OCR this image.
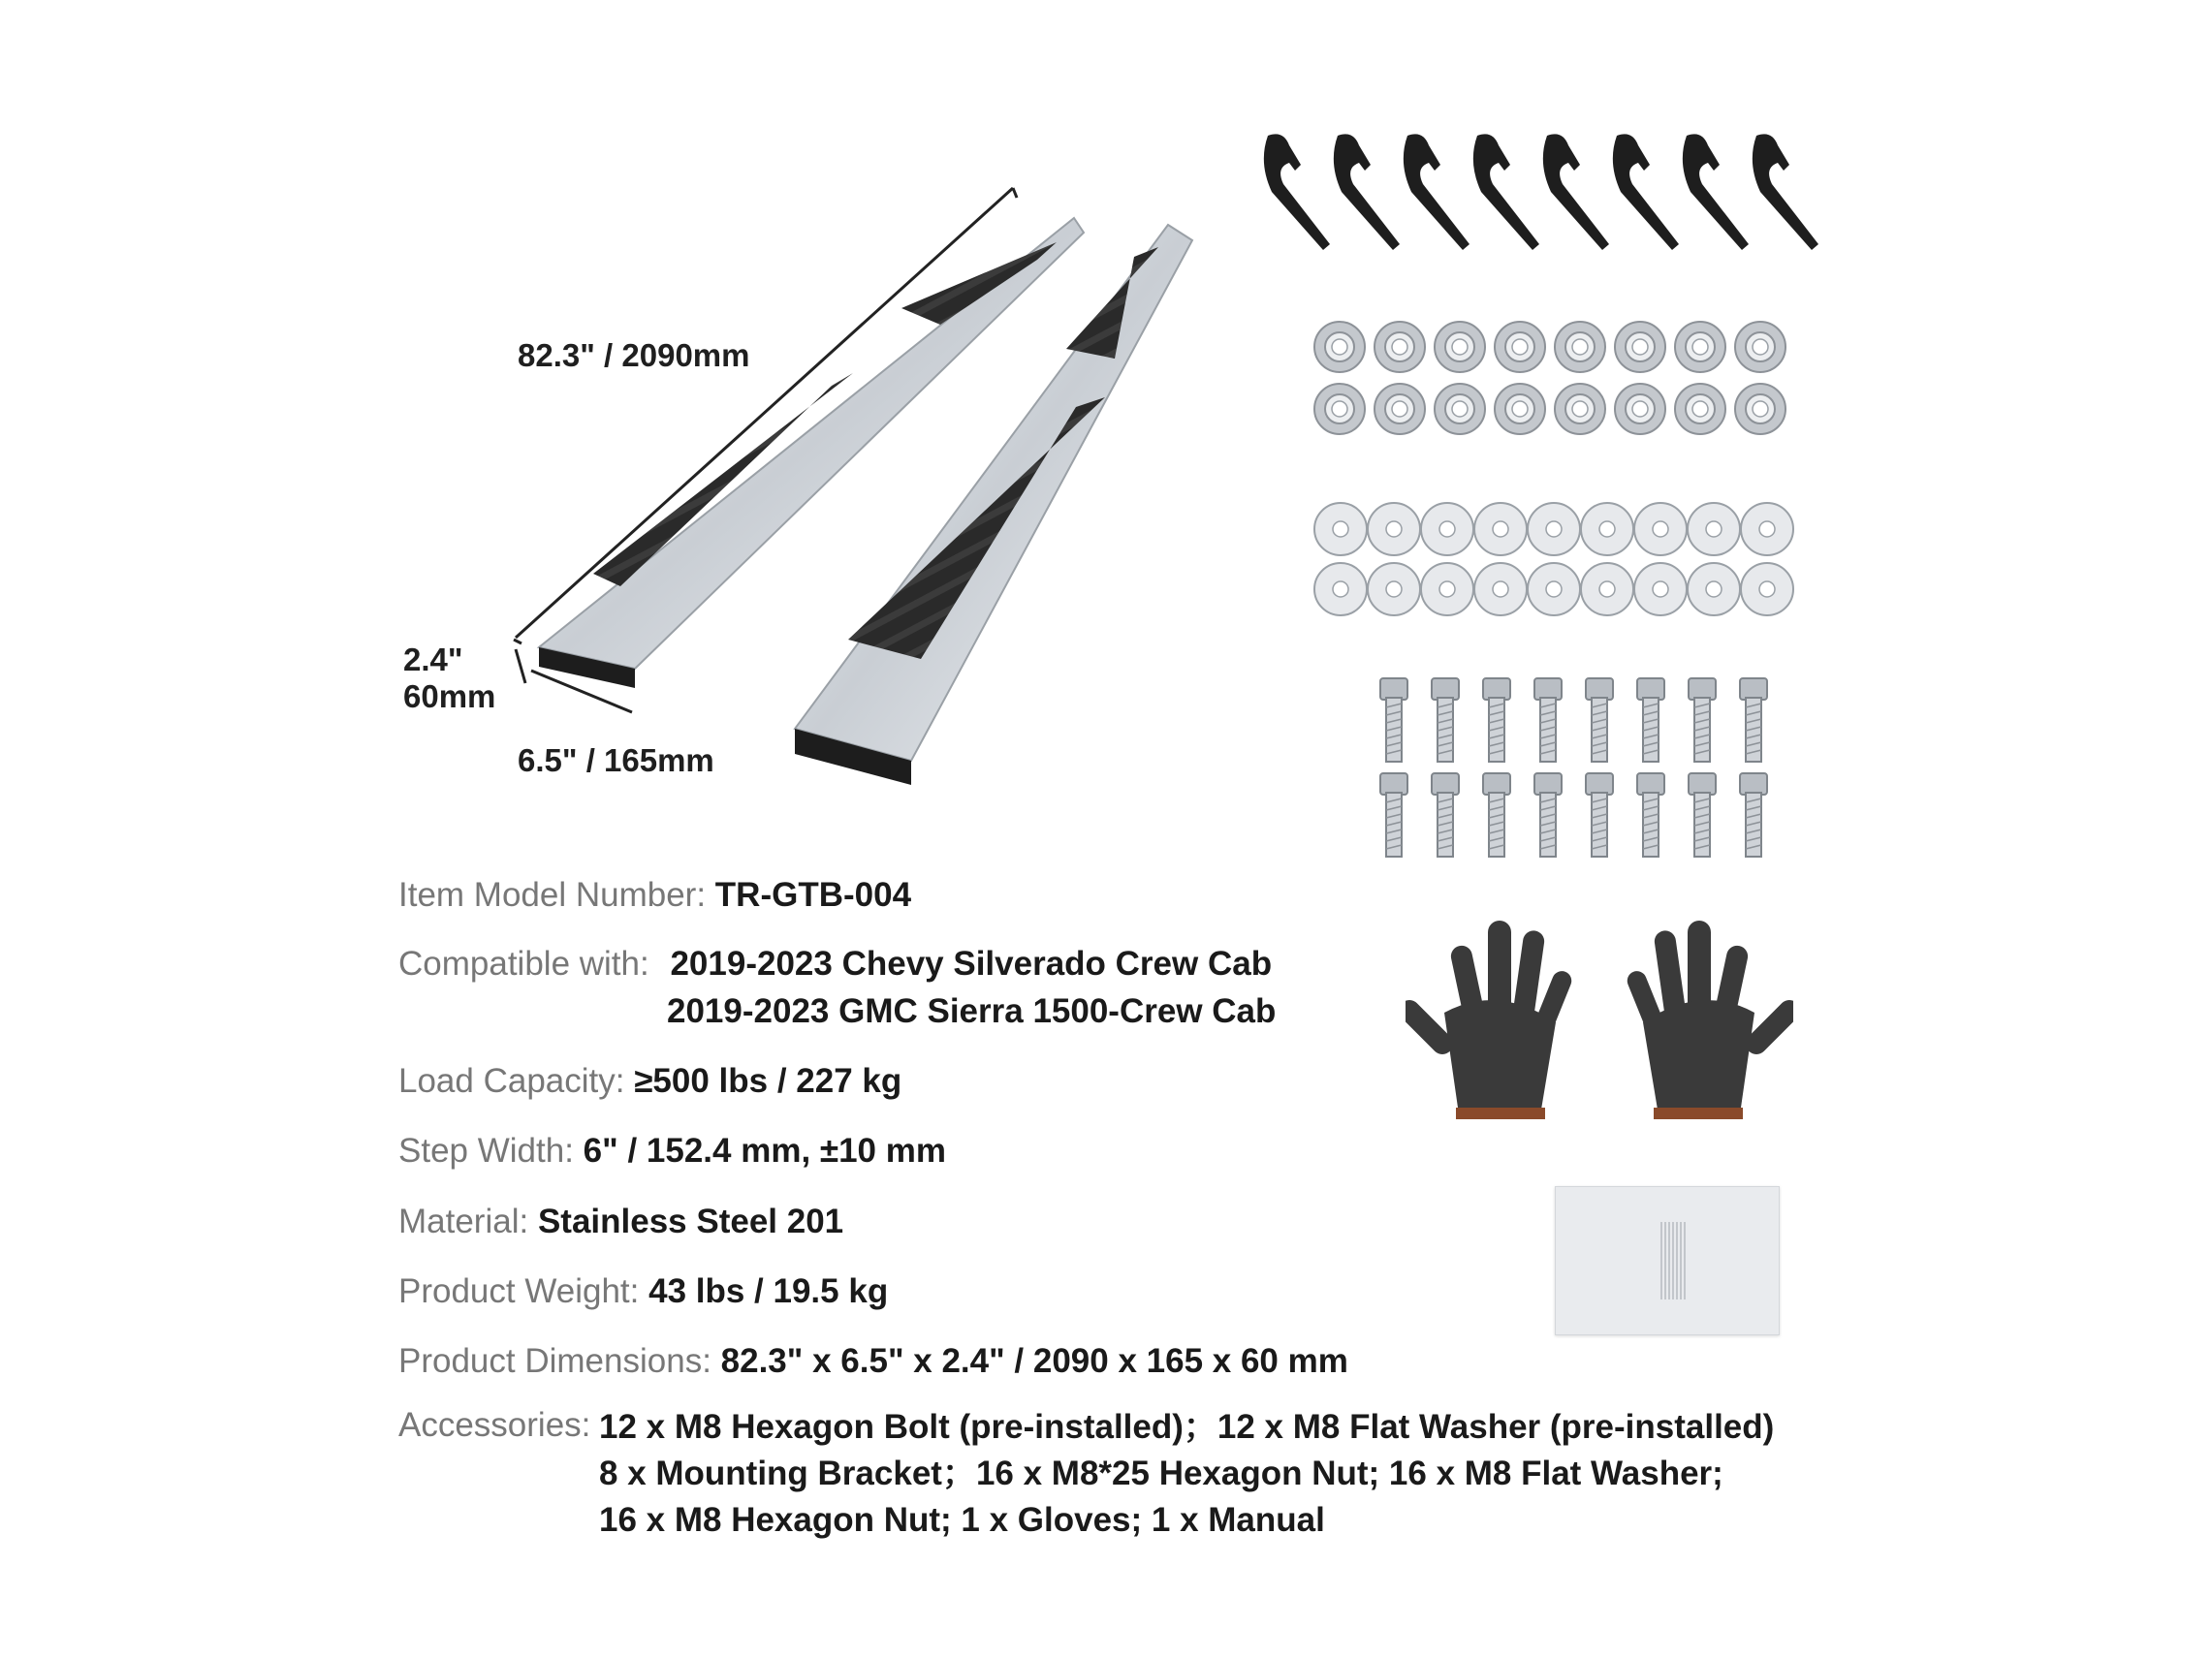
82.3" / 2090mm
2.4"
60mm
6.5" / 165mm
Item Model Number: TR-GTB-004
Compatible with: 2019-2023 Chevy Silverado Crew Cab
2019-2023 GMC Sierra 1500-Crew Cab
Load Capacity: ≥500 lbs / 227 kg
Step Width: 6" / 152.4 mm, ±10 mm
Material: Stainless Steel 201
Product Weight: 43 lbs / 19.5 kg
Product Dimensions: 82.3" x 6.5" x 2.4" / 2090 x 165 x 60 mm
Accessories: 12 x M8 Hexagon Bolt (pre-installed)；12 x M8 Flat Washer (pre-installed)
8 x Mounting Bracket；16 x M8*25 Hexagon Nut; 16 x M8 Flat Washer;
16 x M8 Hexagon Nut; 1 x Gloves; 1 x Manual
